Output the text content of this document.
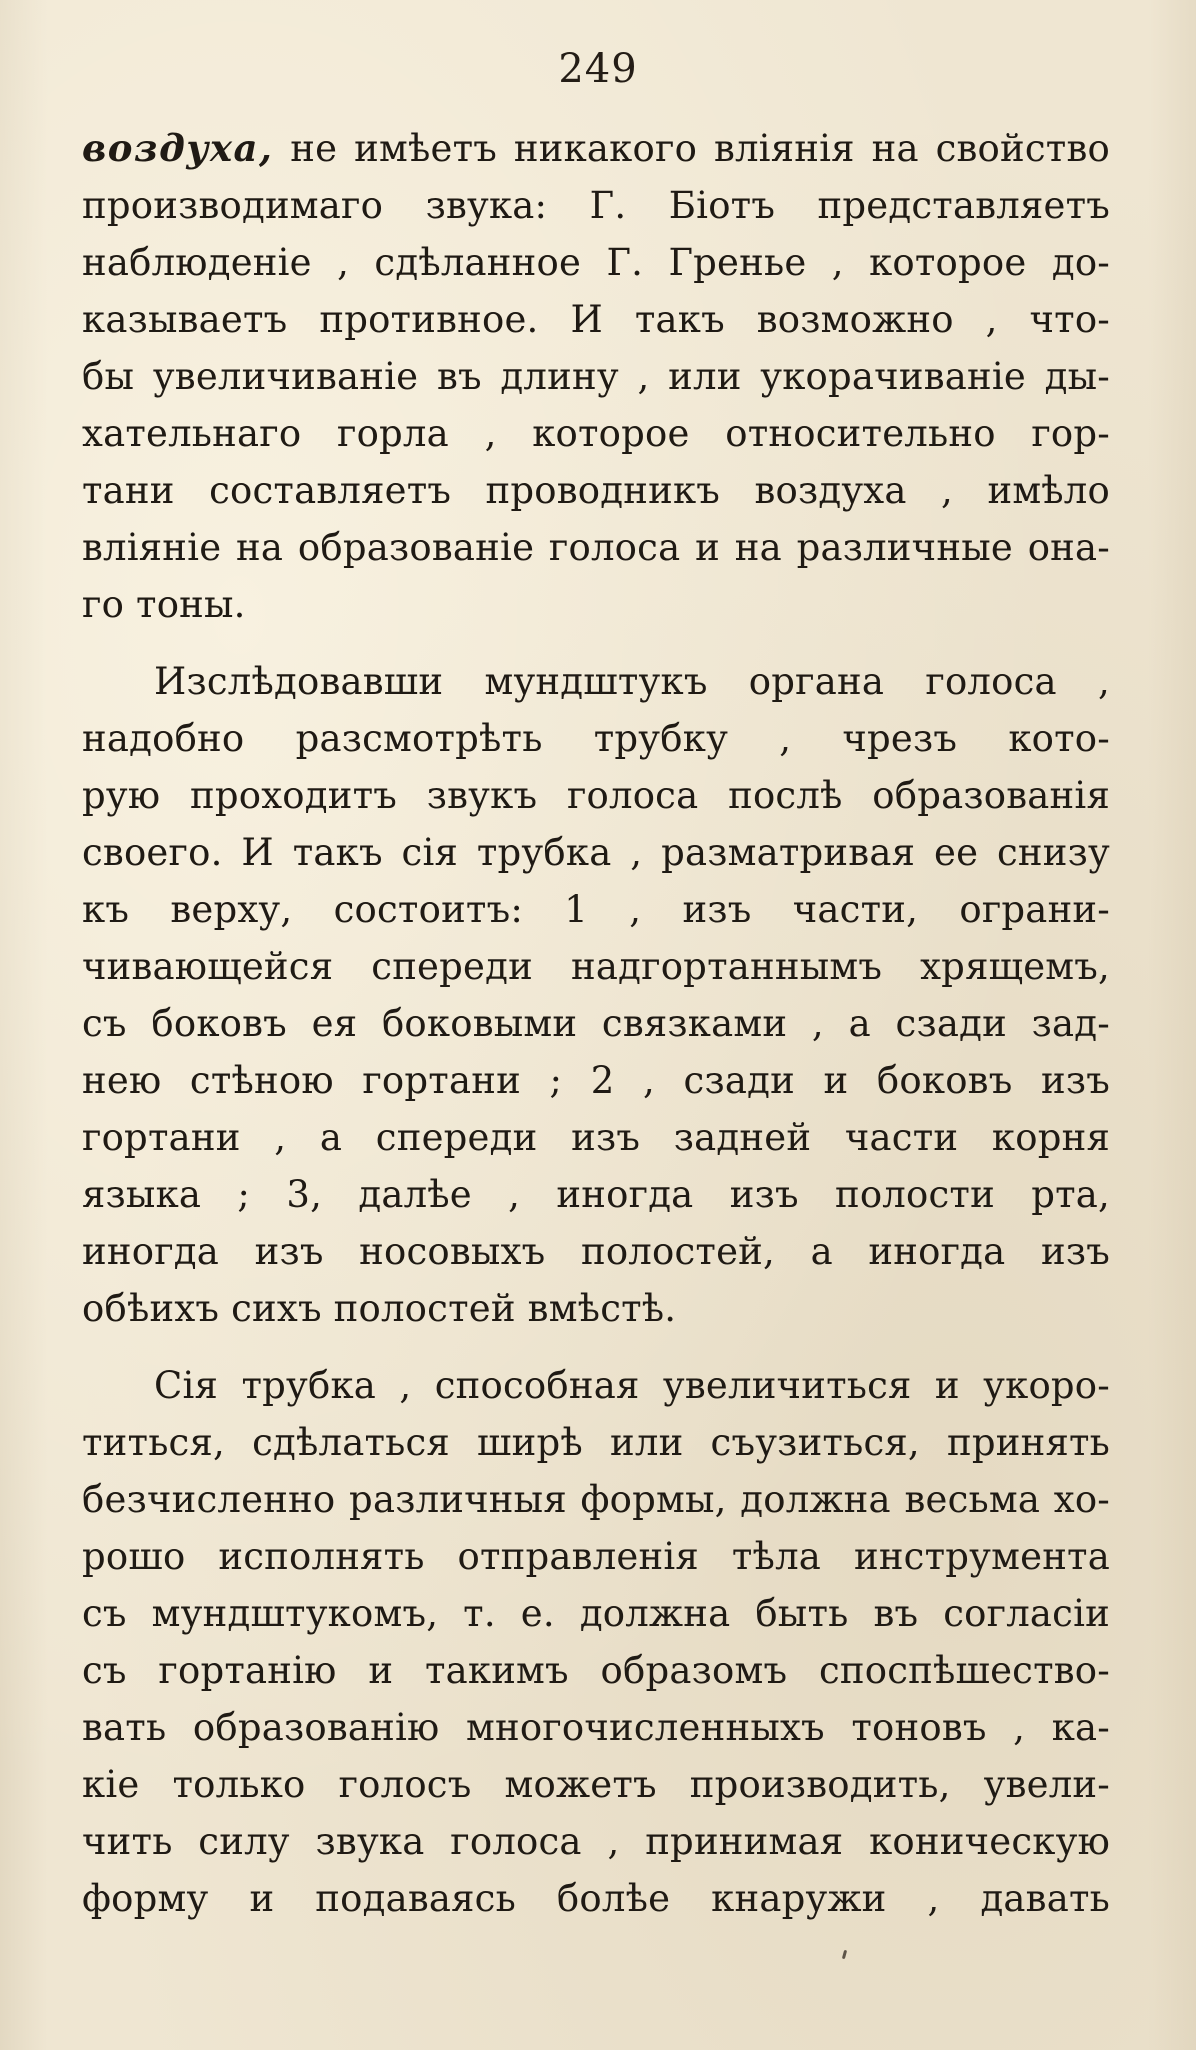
249
воздуха, не имѣетъ никакого вліянія на свойство
производимаго звука: Г. Біотъ представляетъ
наблюденіе , сдѣланное Г. Гренье , которое до-
казываетъ противное. И такъ возможно , что-
бы увеличиваніе въ длину , или укорачиваніе ды-
хательнаго горла , которое относительно гор-
тани составляетъ проводникъ воздуха , имѣло
вліяніе на образованіе голоса и на различные она-
го тоны.
Изслѣдовавши мундштукъ органа голоса ,
надобно разсмотрѣть трубку , чрезъ кото-
рую проходитъ звукъ голоса послѣ образованія
своего. И такъ сія трубка , разматривая ее снизу
къ верху, состоитъ: 1 , изъ части, ограни-
чивающейся спереди надгортаннымъ хрящемъ,
съ боковъ ея боковыми связками , а сзади зад-
нею стѣною гортани ; 2 , сзади и боковъ изъ
гортани , а спереди изъ задней части корня
языка ; 3, далѣе , иногда изъ полости рта,
иногда изъ носовыхъ полостей, а иногда изъ
обѣихъ сихъ полостей вмѣстѣ.
Сія трубка , способная увеличиться и укоро-
титься, сдѣлаться ширѣ или съузиться, принять
безчисленно различныя формы, должна весьма хо-
рошо исполнять отправленія тѣла инструмента
съ мундштукомъ, т. е. должна быть въ согласіи
съ гортанію и такимъ образомъ споспѣшество-
вать образованію многочисленныхъ тоновъ , ка-
кіе только голосъ можетъ производить, увели-
чить силу звука голоса , принимая коническую
форму и подаваясь болѣе кнаружи , давать
